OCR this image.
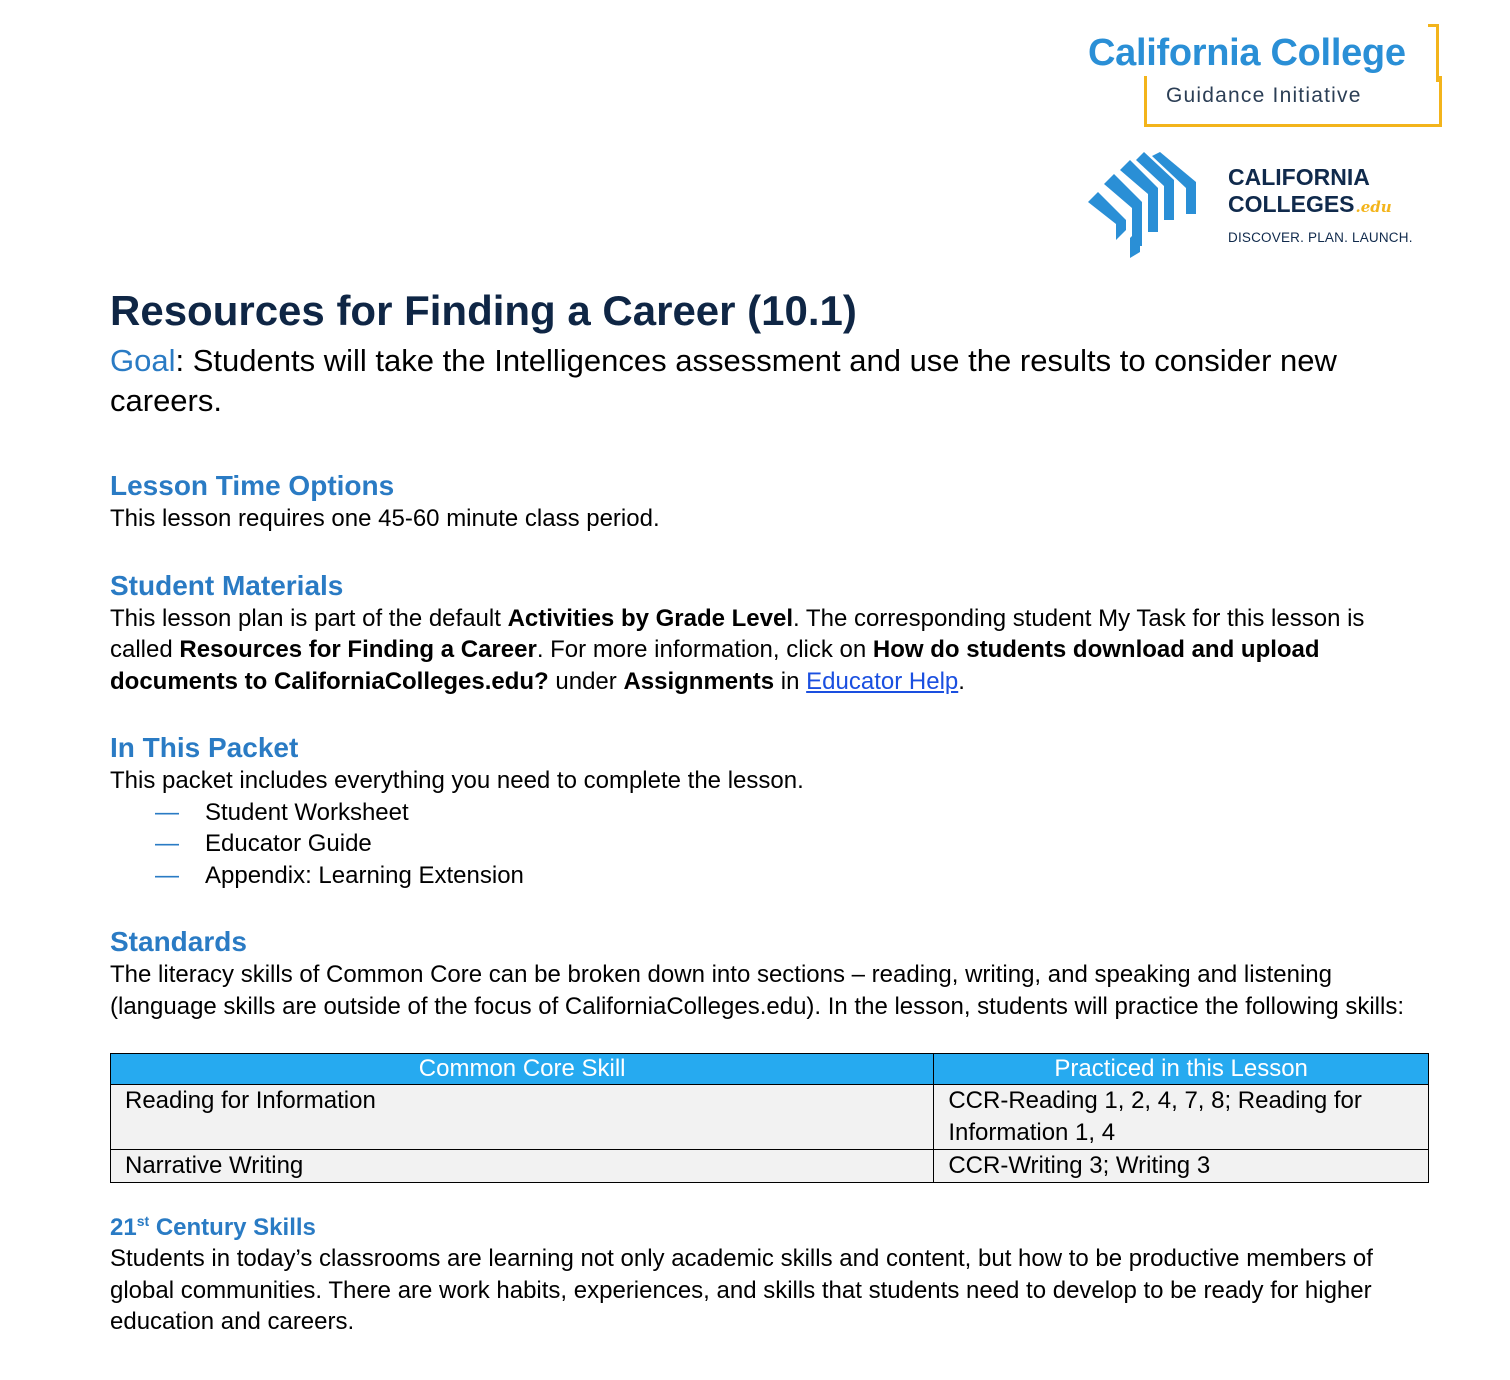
California College
Guidance Initiative
CALIFORNIA
COLLEGES.edu
DISCOVER. PLAN. LAUNCH.
Resources for Finding a Career (10.1)
Goal: Students will take the Intelligences assessment and use the results to consider new careers.
Lesson Time Options

This lesson requires one 45-60 minute class period.

Student Materials

This lesson plan is part of the default Activities by Grade Level. The corresponding student My Task for this lesson is called Resources for Finding a Career. For more information, click on How do students download and upload documents to CaliforniaColleges.edu? under Assignments in Educator Help.

In This Packet

This packet includes everything you need to complete the lesson.

— Student Worksheet
— Educator Guide
— Appendix: Learning Extension
Standards

The literacy skills of Common Core can be broken down into sections – reading, writing, and speaking and listening (language skills are outside of the focus of CaliforniaColleges.edu). In the lesson, students will practice the following skills:

Common Core Skill	Practiced in this Lesson
Reading for Information	CCR-Reading 1, 2, 4, 7, 8; Reading for Information 1, 4
Narrative Writing	CCR-Writing 3; Writing 3
21st Century Skills

Students in today’s classrooms are learning not only academic skills and content, but how to be productive members of global communities. There are work habits, experiences, and skills that students need to develop to be ready for higher education and careers.
